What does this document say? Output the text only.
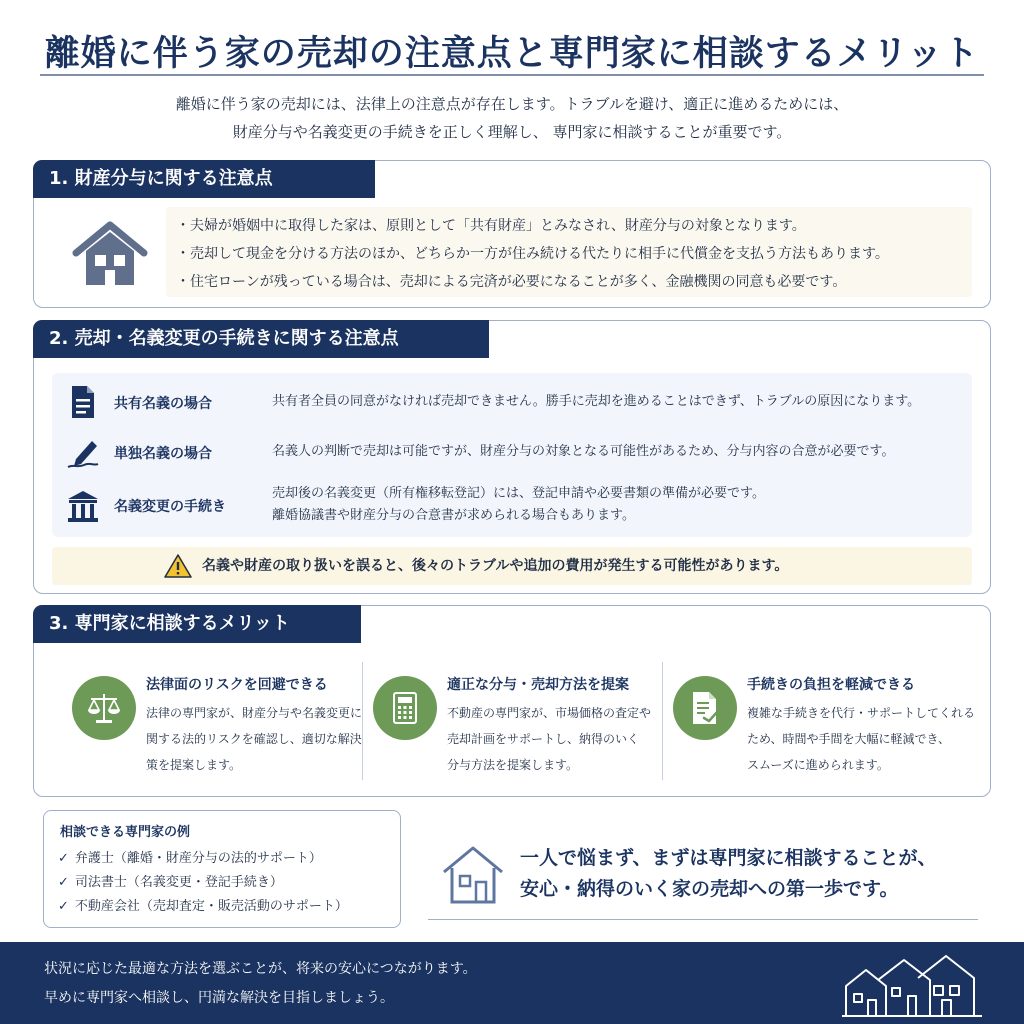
離婚に伴う家の売却の注意点と専門家に相談するメリット
離婚に伴う家の売却には、法律上の注意点が存在します。トラブルを避け、適正に進めるためには、
財産分与や名義変更の手続きを正しく理解し、 専門家に相談することが重要です。
1. 財産分与に関する注意点
・夫婦が婚姻中に取得した家は、原則として「共有財産」とみなされ、財産分与の対象となります。
・売却して現金を分ける方法のほか、どちらか一方が住み続ける代たりに相手に代償金を支払う方法もあります。
・住宅ローンが残っている場合は、売却による完済が必要になることが多く、金融機関の同意も必要です。
2. 売却・名義変更の手続きに関する注意点
共有名義の場合	共有者全員の同意がなければ売却できません。勝手に売却を進めることはできず、トラブルの原因になります。
単独名義の場合	名義人の判断で売却は可能ですが、財産分与の対象となる可能性があるため、分与内容の合意が必要です。
名義変更の手続き
売却後の名義変更（所有権移転登記）には、登記申請や必要書類の準備が必要です。
離婚協議書や財産分与の合意書が求められる場合もあります。
名義や財産の取り扱いを誤ると、後々のトラブルや追加の費用が発生する可能性があります。
3. 専門家に相談するメリット
法律面のリスクを回避できる
法律の専門家が、財産分与や名義変更に
関する法的リスクを確認し、適切な解決
策を提案します。
適正な分与・売却方法を提案
不動産の専門家が、市場価格の査定や
売却計画をサポートし、納得のいく
分与方法を提案します。
手続きの負担を軽減できる
複雑な手続きを代行・サポートしてくれる
ため、時間や手間を大幅に軽減でき、
スムーズに進められます。
相談できる専門家の例
✓ 弁護士（離婚・財産分与の法的サポート）
✓ 司法書士（名義変更・登記手続き）
✓ 不動産会社（売却査定・販売活動のサポート）
一人で悩まず、まずは専門家に相談することが、
安心・納得のいく家の売却への第一歩です。
状況に応じた最適な方法を選ぶことが、将来の安心につながります。
早めに専門家へ相談し、円満な解決を目指しましょう。
